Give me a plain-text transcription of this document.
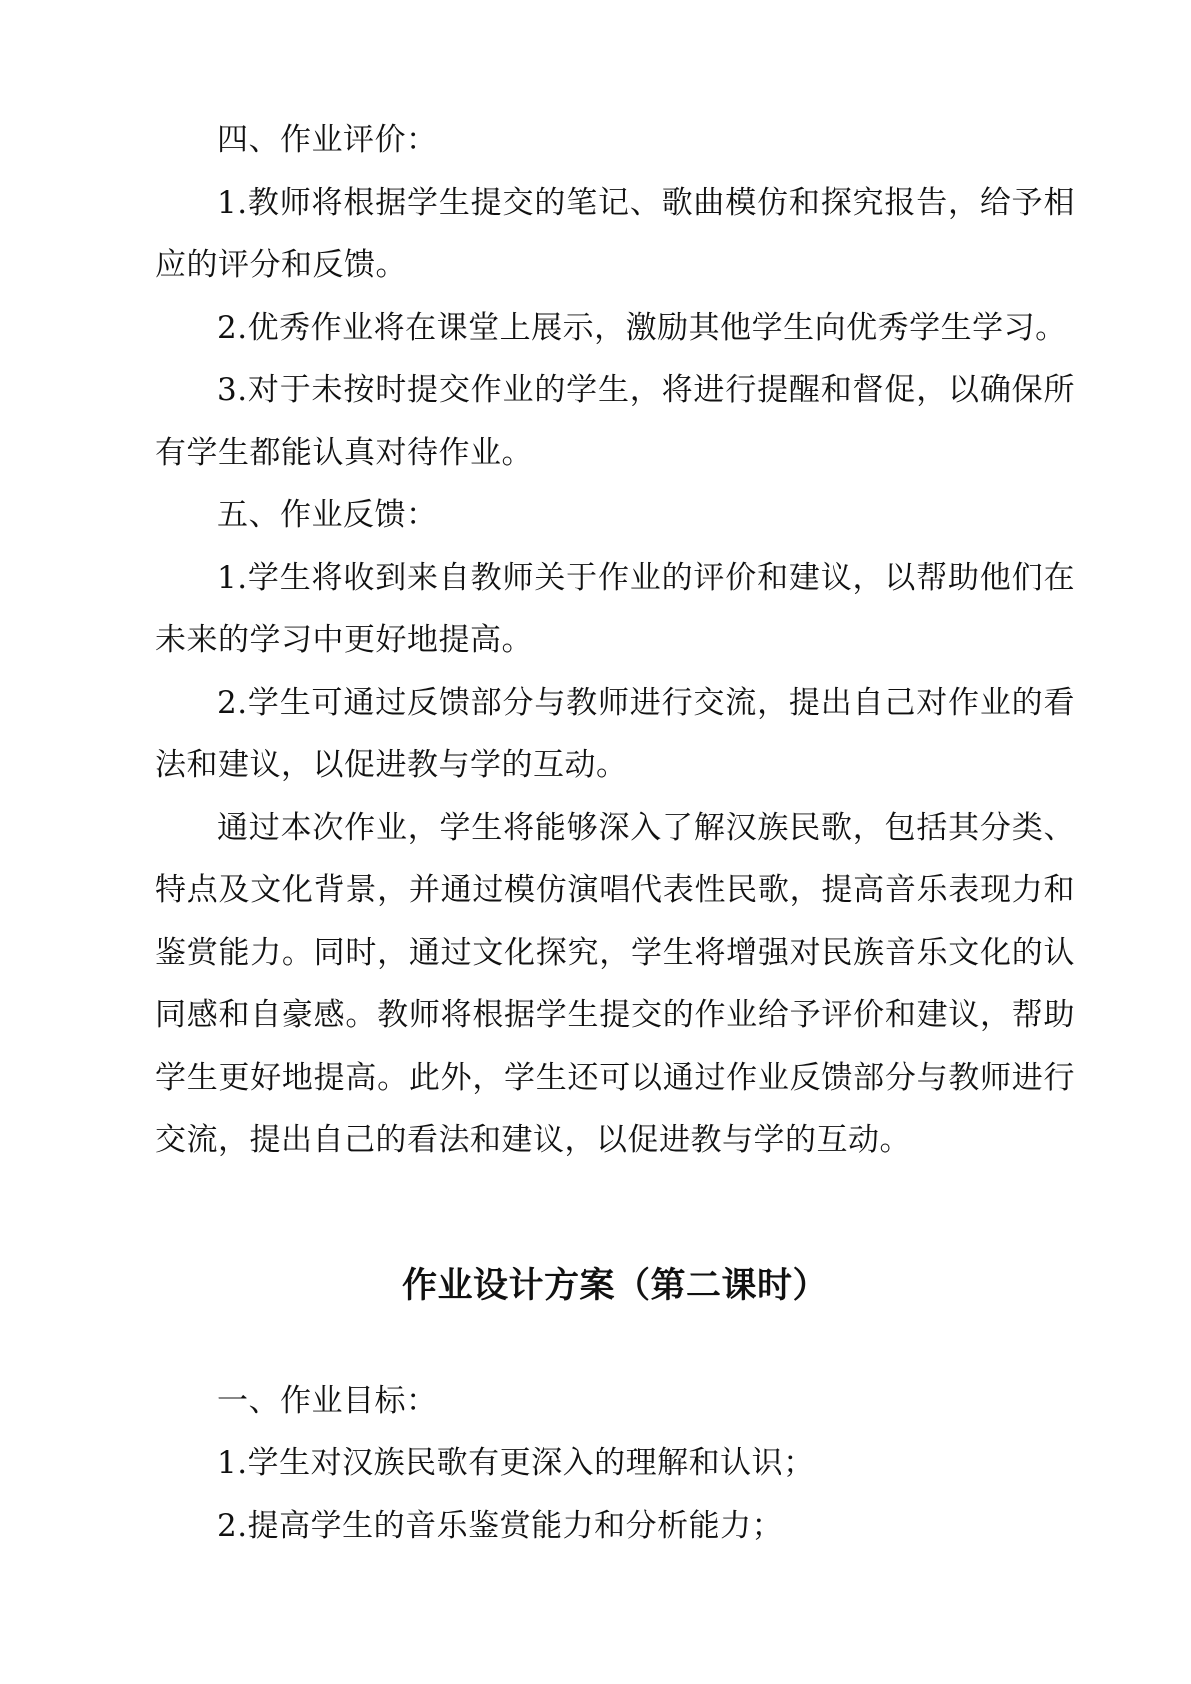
四、作业评价：

1.教师将根据学生提交的笔记、歌曲模仿和探究报告，给予相应的评分和反馈。

2.优秀作业将在课堂上展示，激励其他学生向优秀学生学习。

3.对于未按时提交作业的学生，将进行提醒和督促，以确保所有学生都能认真对待作业。

五、作业反馈：

1.学生将收到来自教师关于作业的评价和建议，以帮助他们在未来的学习中更好地提高。

2.学生可通过反馈部分与教师进行交流，提出自己对作业的看法和建议，以促进教与学的互动。

通过本次作业，学生将能够深入了解汉族民歌，包括其分类、特点及文化背景，并通过模仿演唱代表性民歌，提高音乐表现力和鉴赏能力。同时，通过文化探究，学生将增强对民族音乐文化的认同感和自豪感。教师将根据学生提交的作业给予评价和建议，帮助学生更好地提高。此外，学生还可以通过作业反馈部分与教师进行交流，提出自己的看法和建议，以促进教与学的互动。

作业设计方案（第二课时）

一、作业目标：

1.学生对汉族民歌有更深入的理解和认识；

2.提高学生的音乐鉴赏能力和分析能力；
